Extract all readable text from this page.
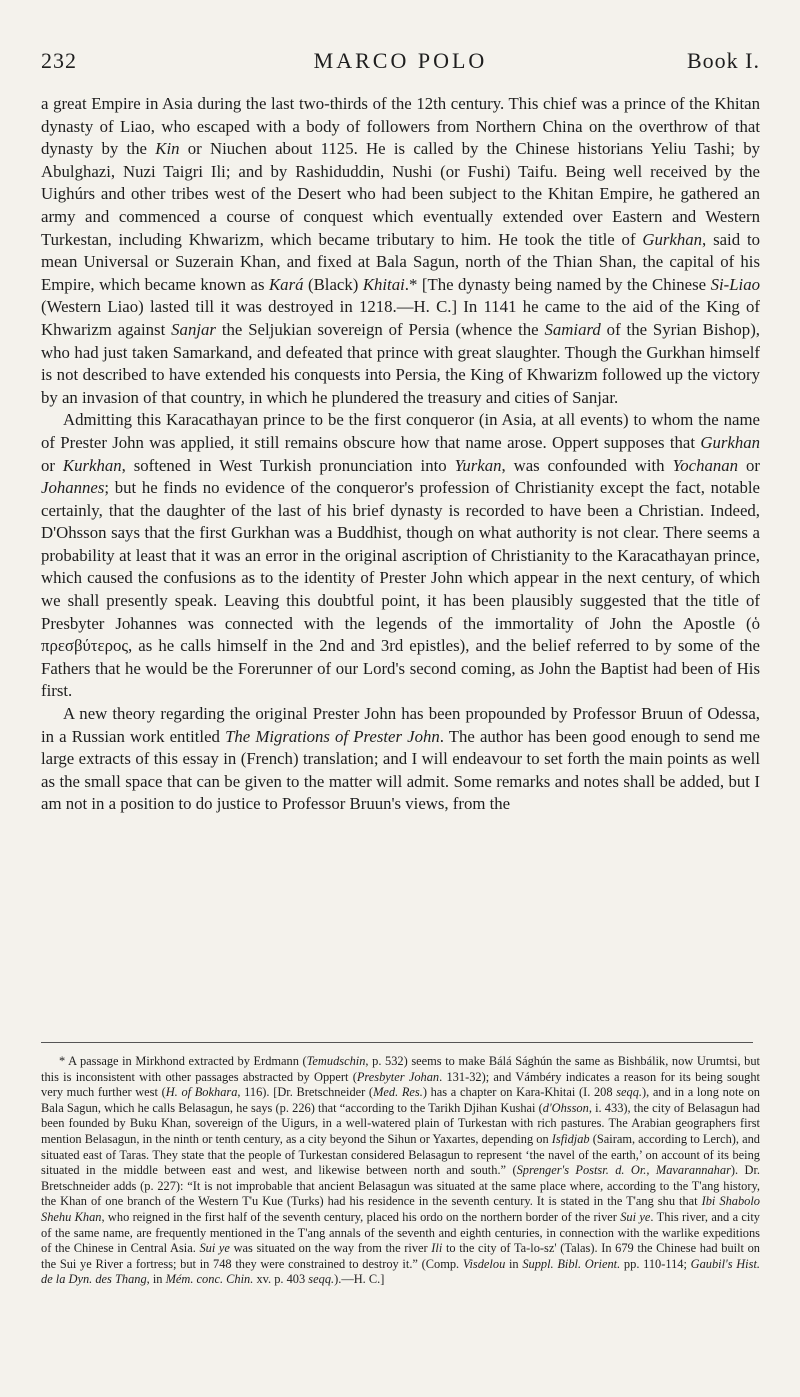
232	MARCO POLO	Book I.

a great Empire in Asia during the last two-thirds of the 12th century. This chief was a prince of the Khitan dynasty of Liao, who escaped with a body of followers from Northern China on the overthrow of that dynasty by the Kin or Niuchen about 1125. He is called by the Chinese historians Yeliu Tashi; by Abulghazi, Nuzi Taigri Ili; and by Rashiduddin, Nushi (or Fushi) Taifu. Being well received by the Uighúrs and other tribes west of the Desert who had been subject to the Khitan Empire, he gathered an army and commenced a course of conquest which eventually extended over Eastern and Western Turkestan, including Khwarizm, which became tributary to him. He took the title of Gurkhan, said to mean Universal or Suzerain Khan, and fixed at Bala Sagun, north of the Thian Shan, the capital of his Empire, which became known as Kará (Black) Khitai.* [The dynasty being named by the Chinese Si-Liao (Western Liao) lasted till it was destroyed in 1218.—H. C.] In 1141 he came to the aid of the King of Khwarizm against Sanjar the Seljukian sovereign of Persia (whence the Samiard of the Syrian Bishop), who had just taken Samarkand, and defeated that prince with great slaughter. Though the Gurkhan himself is not described to have extended his conquests into Persia, the King of Khwarizm followed up the victory by an invasion of that country, in which he plundered the treasury and cities of Sanjar.

Admitting this Karacathayan prince to be the first conqueror (in Asia, at all events) to whom the name of Prester John was applied, it still remains obscure how that name arose. Oppert supposes that Gurkhan or Kurkhan, softened in West Turkish pronunciation into Yurkan, was confounded with Yochanan or Johannes; but he finds no evidence of the conqueror's profession of Christianity except the fact, notable certainly, that the daughter of the last of his brief dynasty is recorded to have been a Christian. Indeed, D'Ohsson says that the first Gurkhan was a Buddhist, though on what authority is not clear. There seems a probability at least that it was an error in the original ascription of Christianity to the Karacathayan prince, which caused the confusions as to the identity of Prester John which appear in the next century, of which we shall presently speak. Leaving this doubtful point, it has been plausibly suggested that the title of Presbyter Johannes was connected with the legends of the immortality of John the Apostle (ὁ πρεσβύτερος, as he calls himself in the 2nd and 3rd epistles), and the belief referred to by some of the Fathers that he would be the Forerunner of our Lord's second coming, as John the Baptist had been of His first.

A new theory regarding the original Prester John has been propounded by Professor Bruun of Odessa, in a Russian work entitled The Migrations of Prester John. The author has been good enough to send me large extracts of this essay in (French) translation; and I will endeavour to set forth the main points as well as the small space that can be given to the matter will admit. Some remarks and notes shall be added, but I am not in a position to do justice to Professor Bruun's views, from the

* A passage in Mirkhond extracted by Erdmann (Temudschin, p. 532) seems to make Bálá Sághún the same as Bishbálik, now Urumtsi, but this is inconsistent with other passages abstracted by Oppert (Presbyter Johan. 131-32); and Vámbéry indicates a reason for its being sought very much further west (H. of Bokhara, 116). [Dr. Bretschneider (Med. Res.) has a chapter on Kara-Khitai (I. 208 seqq.), and in a long note on Bala Sagun, which he calls Belasagun, he says (p. 226) that “according to the Tarikh Djihan Kushai (d'Ohsson, i. 433), the city of Belasagun had been founded by Buku Khan, sovereign of the Uigurs, in a well-watered plain of Turkestan with rich pastures. The Arabian geographers first mention Belasagun, in the ninth or tenth century, as a city beyond the Sihun or Yaxartes, depending on Isfidjab (Sairam, according to Lerch), and situated east of Taras. They state that the people of Turkestan considered Belasagun to represent ‘the navel of the earth,’ on account of its being situated in the middle between east and west, and likewise between north and south.” (Sprenger's Postsr. d. Or., Mavarannahar). Dr. Bretschneider adds (p. 227): “It is not improbable that ancient Belasagun was situated at the same place where, according to the T'ang history, the Khan of one branch of the Western T'u Kue (Turks) had his residence in the seventh century. It is stated in the T'ang shu that Ibi Shabolo Shehu Khan, who reigned in the first half of the seventh century, placed his ordo on the northern border of the river Sui ye. This river, and a city of the same name, are frequently mentioned in the T'ang annals of the seventh and eighth centuries, in connection with the warlike expeditions of the Chinese in Central Asia. Sui ye was situated on the way from the river Ili to the city of Ta-lo-sz' (Talas). In 679 the Chinese had built on the Sui ye River a fortress; but in 748 they were constrained to destroy it.” (Comp. Visdelou in Suppl. Bibl. Orient. pp. 110-114; Gaubil's Hist. de la Dyn. des Thang, in Mém. conc. Chin. xv. p. 403 seqq.).—H. C.]
